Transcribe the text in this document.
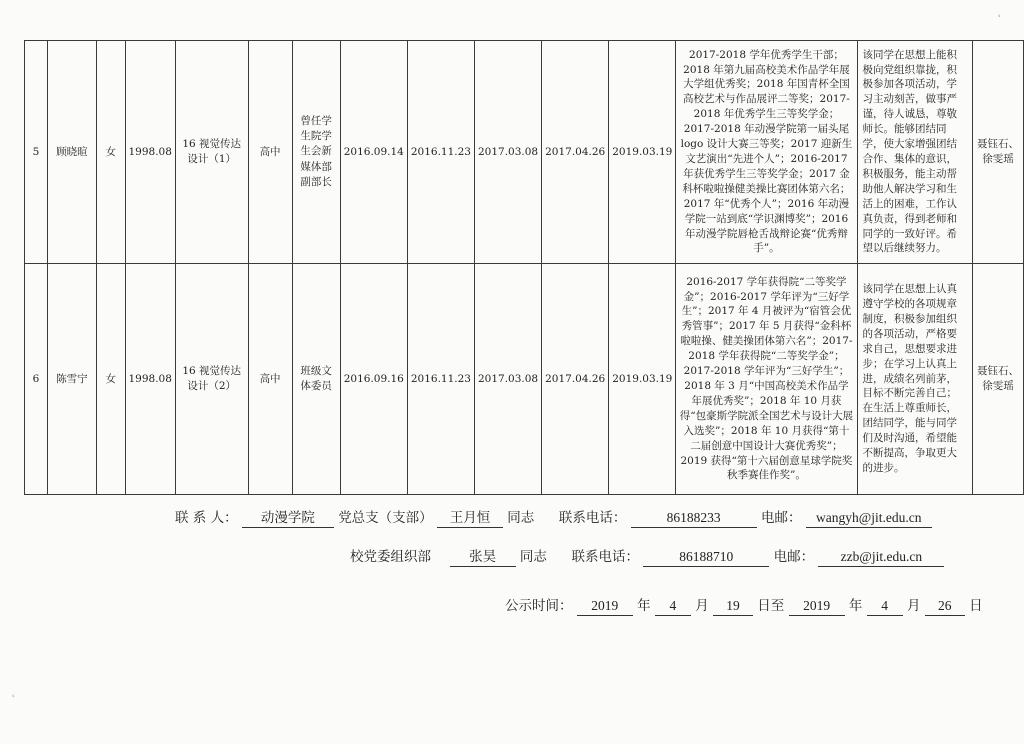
5	顾晓暄	女	1998.08	16 视觉传达设计（1）	高中	曾任学生院学生会新媒体部副部长	2016.09.14	2016.11.23	2017.03.08	2017.04.26	2019.03.19	2017-2018 学年优秀学生干部；2018 年第九届高校美术作品学年展大学组优秀奖；2018 年国青杯全国高校艺术与作品展评二等奖；2017-2018 年优秀学生三等奖学金；2017-2018 年动漫学院第一届头尾 logo 设计大赛三等奖；2017 迎新生文艺演出“先进个人”；2016-2017 年获优秀学生三等奖学金；2017 金科杯啦啦操健美操比赛团体第六名；2017 年“优秀个人”；2016 年动漫学院一站到底“学识渊博奖”；2016 年动漫学院唇枪舌战辩论赛“优秀辩手”。	该同学在思想上能积极向党组织靠拢，积极参加各项活动，学习主动刻苦，做事严谨，待人诚恳，尊敬师长。能够团结同学，使大家增强团结合作、集体的意识，积极服务，能主动帮助他人解决学习和生活上的困难，工作认真负责，得到老师和同学的一致好评。希望以后继续努力。	聂钰石、徐雯瑶
6	陈雪宁	女	1998.08	16 视觉传达设计（2）	高中	班级文体委员	2016.09.16	2016.11.23	2017.03.08	2017.04.26	2019.03.19	2016-2017 学年获得院“二等奖学金”；2016-2017 学年评为“三好学生”；2017 年 4 月被评为“宿管会优秀管事”；2017 年 5 月获得“金科杯啦啦操、健美操团体第六名”；2017-2018 学年获得院“二等奖学金”；2017-2018 学年评为“三好学生”；2018 年 3 月“中国高校美术作品学年展优秀奖”；2018 年 10 月获得“包豪斯学院派全国艺术与设计大展入选奖”；2018 年 10 月获得“第十二届创意中国设计大赛优秀奖”；2019 获得“第十六届创意星球学院奖秋季赛佳作奖”。	该同学在思想上认真遵守学校的各项规章制度，积极参加组织的各项活动，严格要求自己，思想要求进步；在学习上认真上进，成绩名列前茅，目标不断完善自己；在生活上尊重师长，团结同学，能与同学们及时沟通，希望能不断提高，争取更大的进步。	聂钰石、徐雯瑶
联 系 人： 动漫学院 党总支（支部） 王月恒 同志 联系电话：	86188233	电邮： wangyh@jit.edu.cn
校党委组织部	张昊 同志 联系电话：	86188710	电邮： zzb@jit.edu.cn
公示时间： 2019 年 4 月 19 日至 2019 年 4 月 26 日
ʿ
ʿ
